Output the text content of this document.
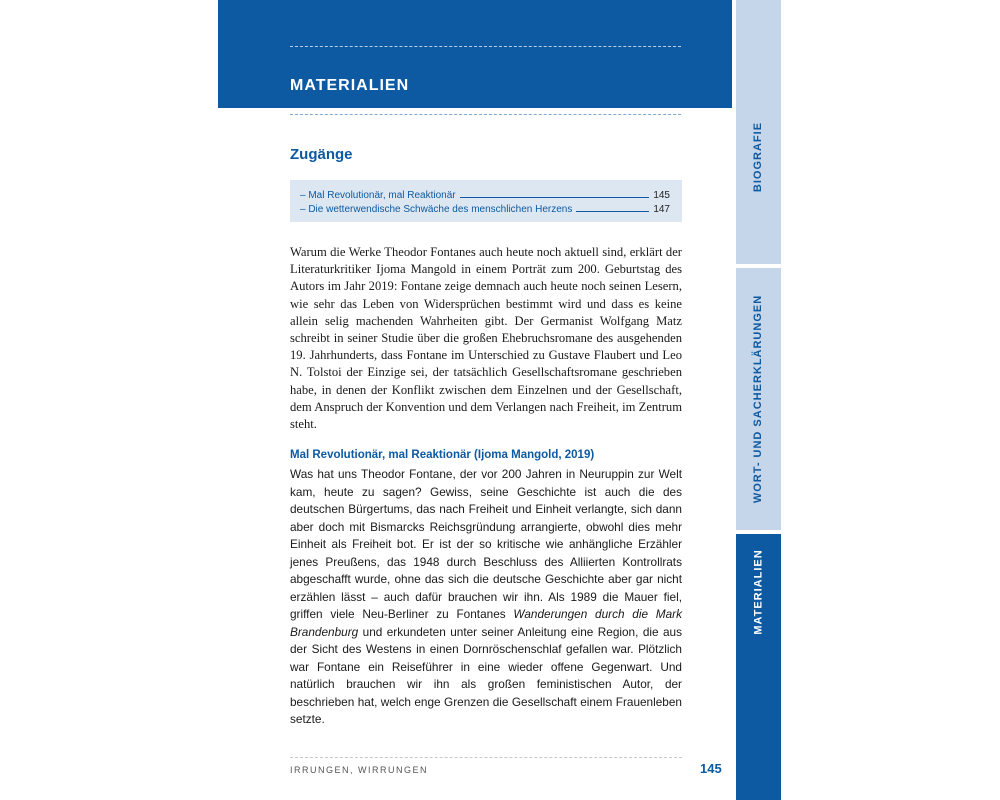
MATERIALIEN
Zugänge
– Mal Revolutionär, mal Reaktionär	145
– Die wetterwendische Schwäche des menschlichen Herzens	147

Warum die Werke Theodor Fontanes auch heute noch aktuell sind, erklärt der Literaturkritiker Ijoma Mangold in einem Porträt zum 200. Geburtstag des Autors im Jahr 2019: Fontane zeige demnach auch heute noch seinen Lesern, wie sehr das Leben von Widersprüchen bestimmt wird und dass es keine allein selig machenden Wahrheiten gibt. Der Germanist Wolfgang Matz schreibt in seiner Studie über die großen Ehebruchsromane des ausgehenden 19. Jahrhunderts, dass Fontane im Unterschied zu Gustave Flaubert und Leo N. Tolstoi der Einzige sei, der tatsächlich Gesellschaftsromane geschrieben habe, in denen der Konflikt zwischen dem Einzelnen und der Gesellschaft, dem Anspruch der Konvention und dem Verlangen nach Freiheit, im Zentrum steht.

Mal Revolutionär, mal Reaktionär (Ijoma Mangold, 2019)

Was hat uns Theodor Fontane, der vor 200 Jahren in Neuruppin zur Welt kam, heute zu sagen? Gewiss, seine Geschichte ist auch die des deutschen Bürgertums, das nach Freiheit und Einheit verlangte, sich dann aber doch mit Bismarcks Reichsgründung arrangierte, obwohl dies mehr Einheit als Freiheit bot. Er ist der so kritische wie anhängliche Erzähler jenes Preußens, das 1948 durch Beschluss des Alliierten Kontrollrats abgeschafft wurde, ohne das sich die deutsche Geschichte aber gar nicht erzählen lässt – auch dafür brauchen wir ihn. Als 1989 die Mauer fiel, griffen viele Neu-Berliner zu Fontanes Wanderungen durch die Mark Brandenburg und erkundeten unter seiner Anleitung eine Region, die aus der Sicht des Westens in einen Dornröschenschlaf gefallen war. Plötzlich war Fontane ein Reiseführer in eine wieder offene Gegenwart. Und natürlich brauchen wir ihn als großen feministischen Autor, der beschrieben hat, welch enge Grenzen die Gesellschaft einem Frauenleben setzte.

IRRUNGEN, WIRRUNGEN	145
BIOGRAFIE
WORT- UND SACHERKLÄRUNGEN
MATERIALIEN
